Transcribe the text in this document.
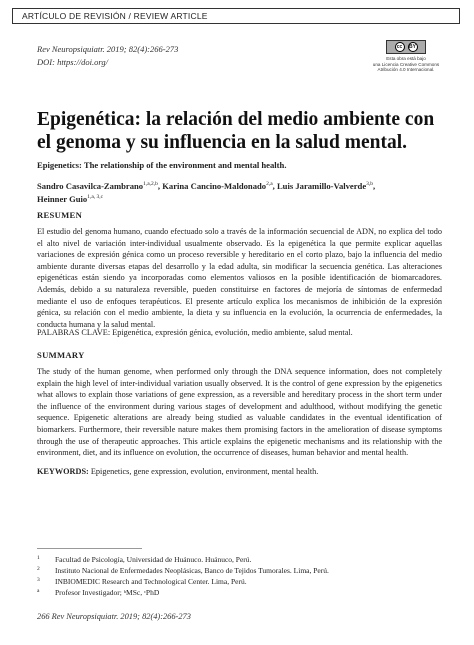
ARTÍCULO DE REVISIÓN / REVIEW ARTICLE
Rev Neuropsiquiatr. 2019; 82(4):266-273
DOI: https://doi.org/
cc	BY
Esta obra está bajo
una Licencia Creative Commons
Atribución 4.0 Internacional.
Epigenética: la relación del medio ambiente con el genoma y su influencia en la salud mental.
Epigenetics: The relationship of the environment and mental health.
Sandro Casavilca-Zambrano$^{1,a,2,b}$, Karina Cancino-Maldonado$^{2,a}$, Luis Jaramillo-Valverde$^{3,b}$,
Heinner Guio$^{1,a, 3,c}$
RESUMEN
El estudio del genoma humano, cuando efectuado solo a través de la información secuencial de ADN, no explica del todo el alto nivel de variación inter-individual usualmente observado. Es la epigenética la que permite explicar aquellas variaciones de expresión génica como un proceso reversible y hereditario en el corto plazo, bajo la influencia del medio ambiente durante diversas etapas del desarrollo y la edad adulta, sin modificar la secuencia genética. Las alteraciones epigenéticas están siendo ya incorporadas como elementos valiosos en la posible identificación de biomarcadores. Además, debido a su naturaleza reversible, pueden constituirse en factores de mejoría de síntomas de enfermedad mediante el uso de enfoques terapéuticos. El presente artículo explica los mecanismos de inhibición de la expresión génica, su relación con el medio ambiente, la dieta y su influencia en la evolución, la ocurrencia de enfermedades, la conducta humana y la salud mental.
PALABRAS CLAVE: Epigenética, expresión génica, evolución, medio ambiente, salud mental.
SUMMARY
The study of the human genome, when performed only through the DNA sequence information, does not completely explain the high level of inter-individual variation usually observed. It is the control of gene expression by the epigenetics what allows to explain those variations of gene expression, as a reversible and hereditary process in the short term under the influence of the environment during various stages of development and adulthood, without modifying the genetic sequence. Epigenetic alterations are already being studied as valuable candidates in the eventual identification of biomarkers. Furthermore, their reversible nature makes them promising factors in the amelioration of disease symptoms through the use of therapeutic approaches. This article explains the epigenetic mechanisms and its relationship with the environment, diet, and its influence on evolution, the occurrence of diseases, human behavior and mental health.
KEYWORDS: Epigenetics, gene expression, evolution, environment, mental health.
1	Facultad de Psicología, Universidad de Huánuco. Huánuco, Perú.
2	Instituto Nacional de Enfermedades Neoplásicas, Banco de Tejidos Tumorales. Lima, Perú.
3	INBIOMEDIC Research and Technological Center. Lima, Perú.
a	Profesor Investigador; ᵇMSc, ᶜPhD
266 Rev Neuropsiquiatr. 2019; 82(4):266-273
